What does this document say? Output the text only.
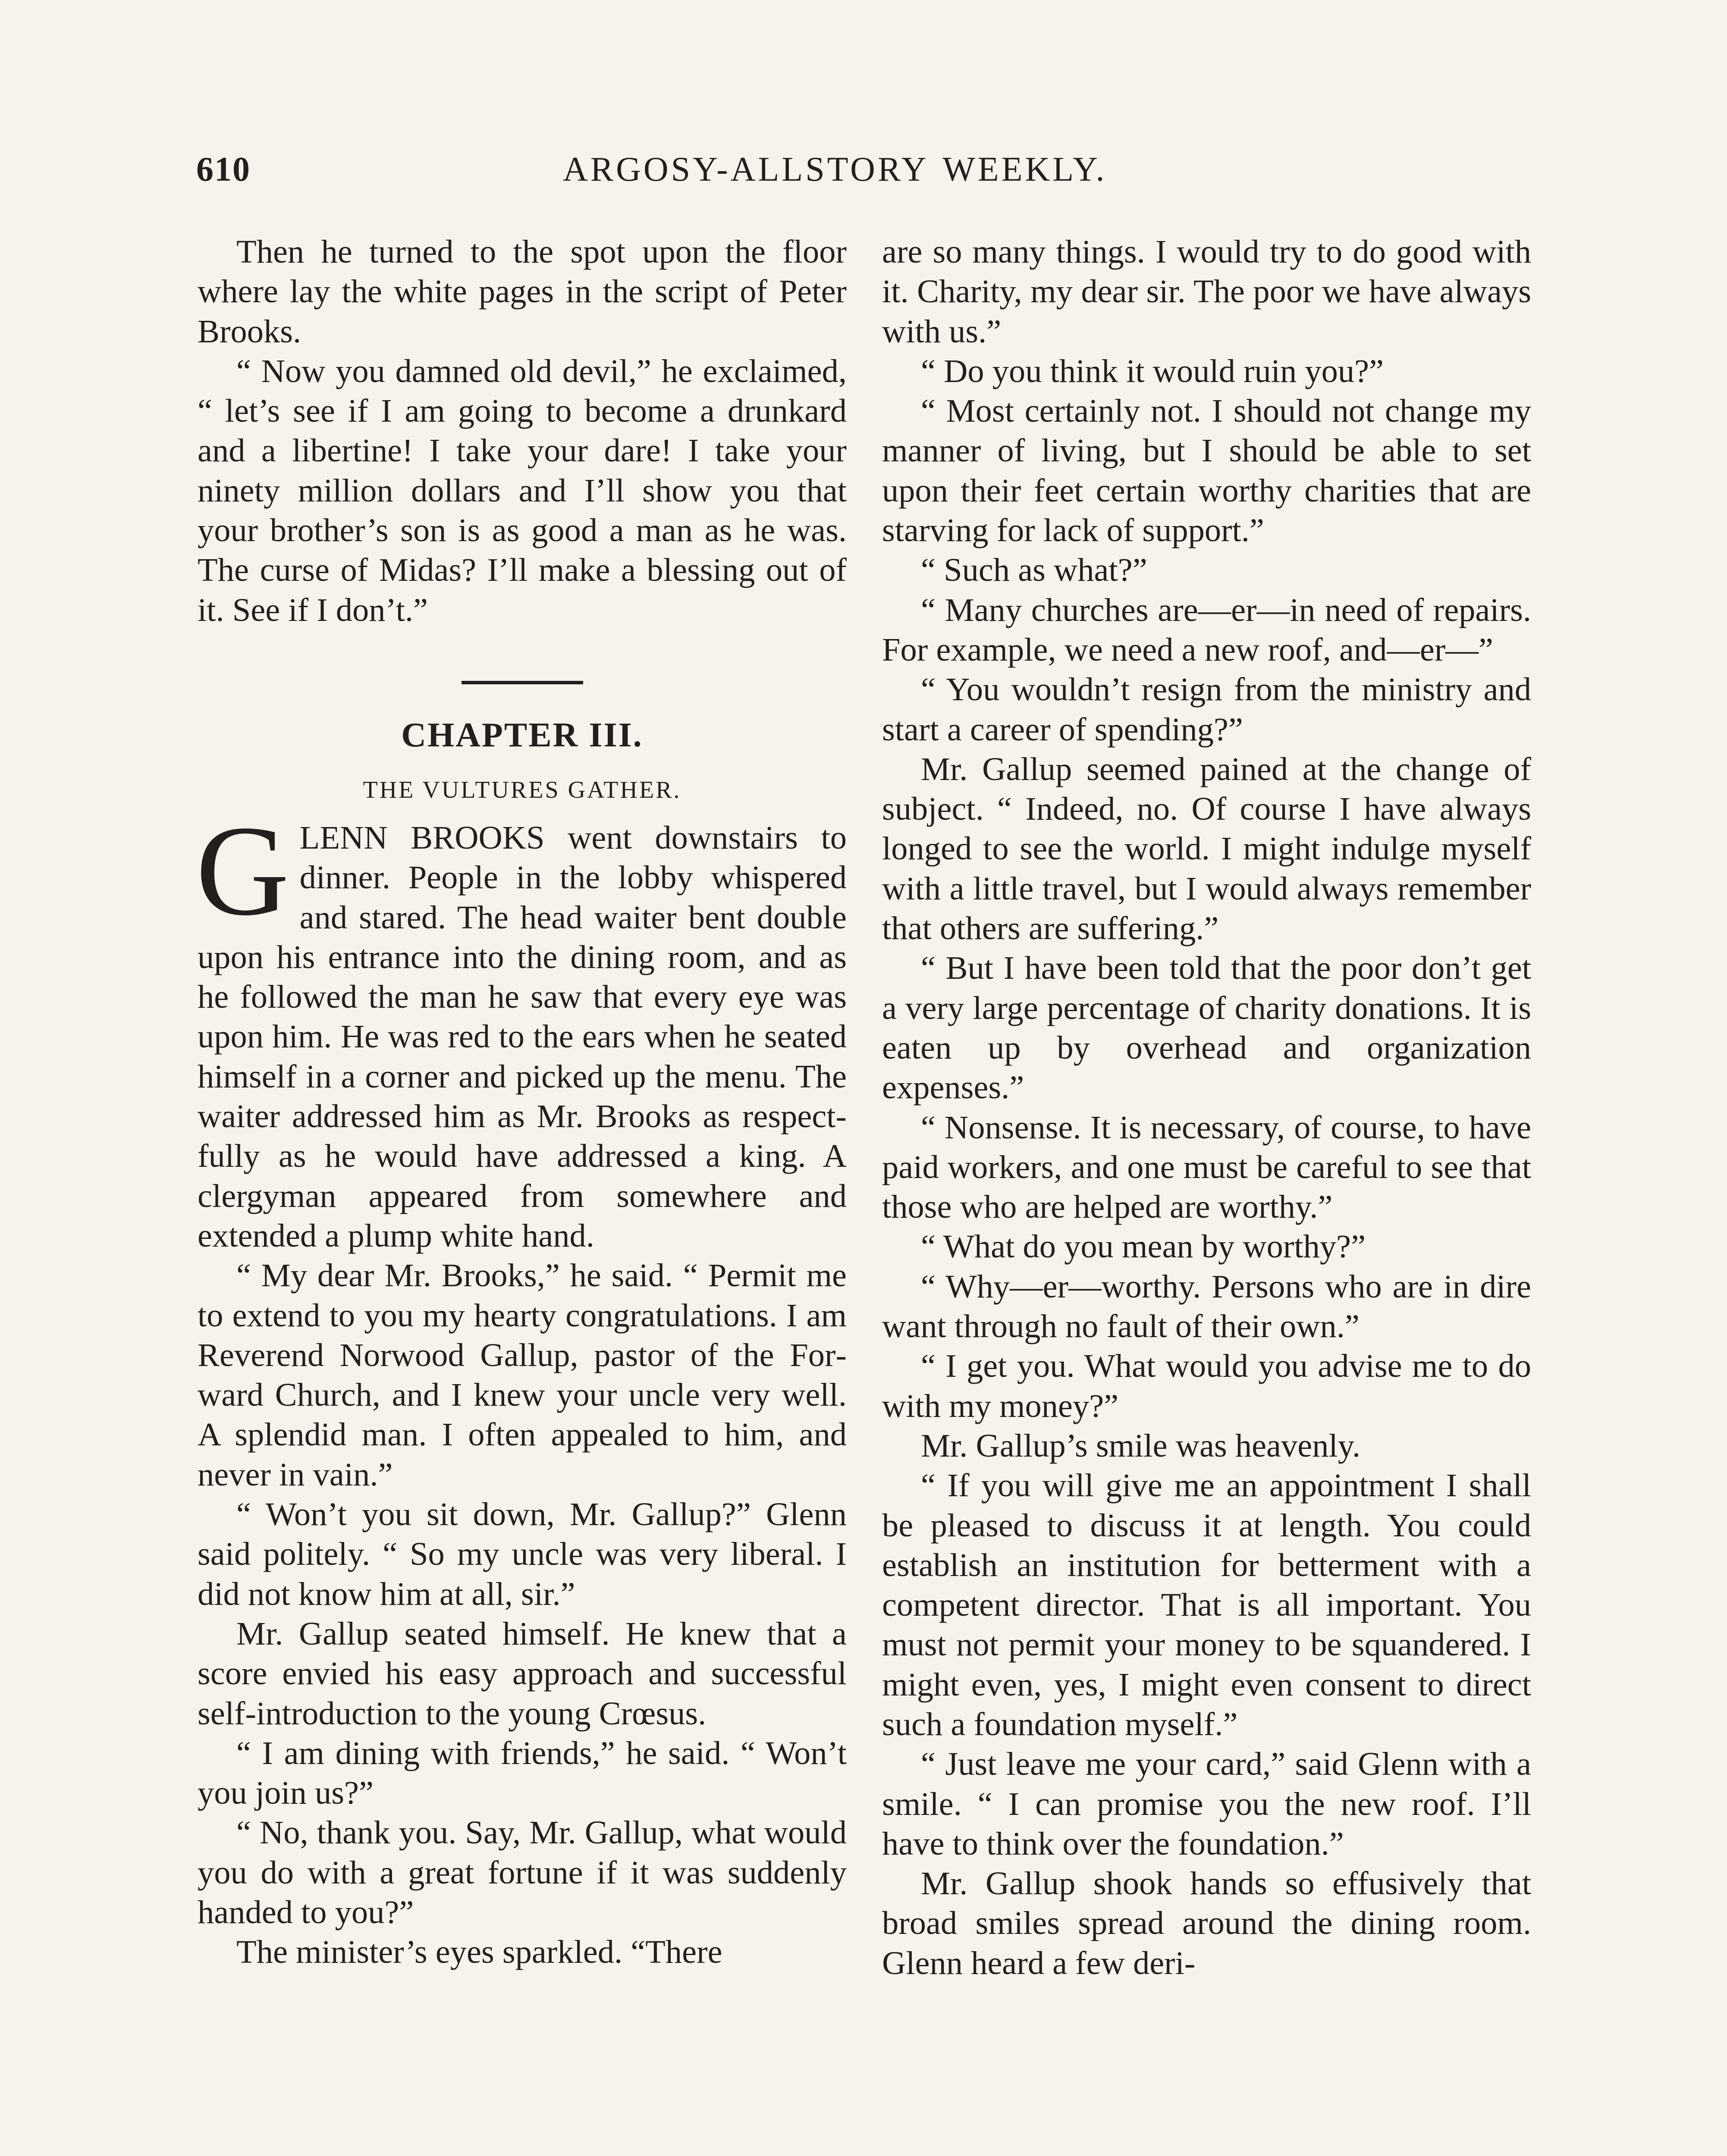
610	ARGOSY-ALLSTORY WEEKLY.

Then he turned to the spot upon the floor where lay the white pages in the script of Peter Brooks.

“ Now you damned old devil,” he exclaimed, “ let’s see if I am going to become a drunkard and a libertine! I take your dare! I take your ninety million dollars and I’ll show you that your brother’s son is as good a man as he was. The curse of Midas? I’ll make a blessing out of it. See if I don’t.”

CHAPTER III.
THE VULTURES GATHER.

GLENN BROOKS went downstairs to dinner. People in the lobby whispered and stared. The head waiter bent double upon his entrance into the dining room, and as he followed the man he saw that every eye was upon him. He was red to the ears when he seated himself in a corner and picked up the menu. The waiter addressed him as Mr. Brooks as respectfully as he would have addressed a king. A clergyman appeared from somewhere and extended a plump white hand.

“ My dear Mr. Brooks,” he said. “ Permit me to extend to you my hearty congratulations. I am Reverend Norwood Gallup, pastor of the Forward Church, and I knew your uncle very well. A splendid man. I often appealed to him, and never in vain.”

“ Won’t you sit down, Mr. Gallup?” Glenn said politely. “ So my uncle was very liberal. I did not know him at all, sir.”

Mr. Gallup seated himself. He knew that a score envied his easy approach and successful self-introduction to the young Crœsus.

“ I am dining with friends,” he said. “ Won’t you join us?”

“ No, thank you. Say, Mr. Gallup, what would you do with a great fortune if it was suddenly handed to you?”

The minister’s eyes sparkled. “There

are so many things. I would try to do good with it. Charity, my dear sir. The poor we have always with us.”

“ Do you think it would ruin you?”

“ Most certainly not. I should not change my manner of living, but I should be able to set upon their feet certain worthy charities that are starving for lack of support.”

“ Such as what?”

“ Many churches are—er—in need of repairs. For example, we need a new roof, and—er—”

“ You wouldn’t resign from the ministry and start a career of spending?”

Mr. Gallup seemed pained at the change of subject. “ Indeed, no. Of course I have always longed to see the world. I might indulge myself with a little travel, but I would always remember that others are suffering.”

“ But I have been told that the poor don’t get a very large percentage of charity donations. It is eaten up by overhead and organization expenses.”

“ Nonsense. It is necessary, of course, to have paid workers, and one must be careful to see that those who are helped are worthy.”

“ What do you mean by worthy?”

“ Why—er—worthy. Persons who are in dire want through no fault of their own.”

“ I get you. What would you advise me to do with my money?”

Mr. Gallup’s smile was heavenly.

“ If you will give me an appointment I shall be pleased to discuss it at length. You could establish an institution for betterment with a competent director. That is all important. You must not permit your money to be squandered. I might even, yes, I might even consent to direct such a foundation myself.”

“ Just leave me your card,” said Glenn with a smile. “ I can promise you the new roof. I’ll have to think over the foundation.”

Mr. Gallup shook hands so effusively that broad smiles spread around the dining room. Glenn heard a few deri-
